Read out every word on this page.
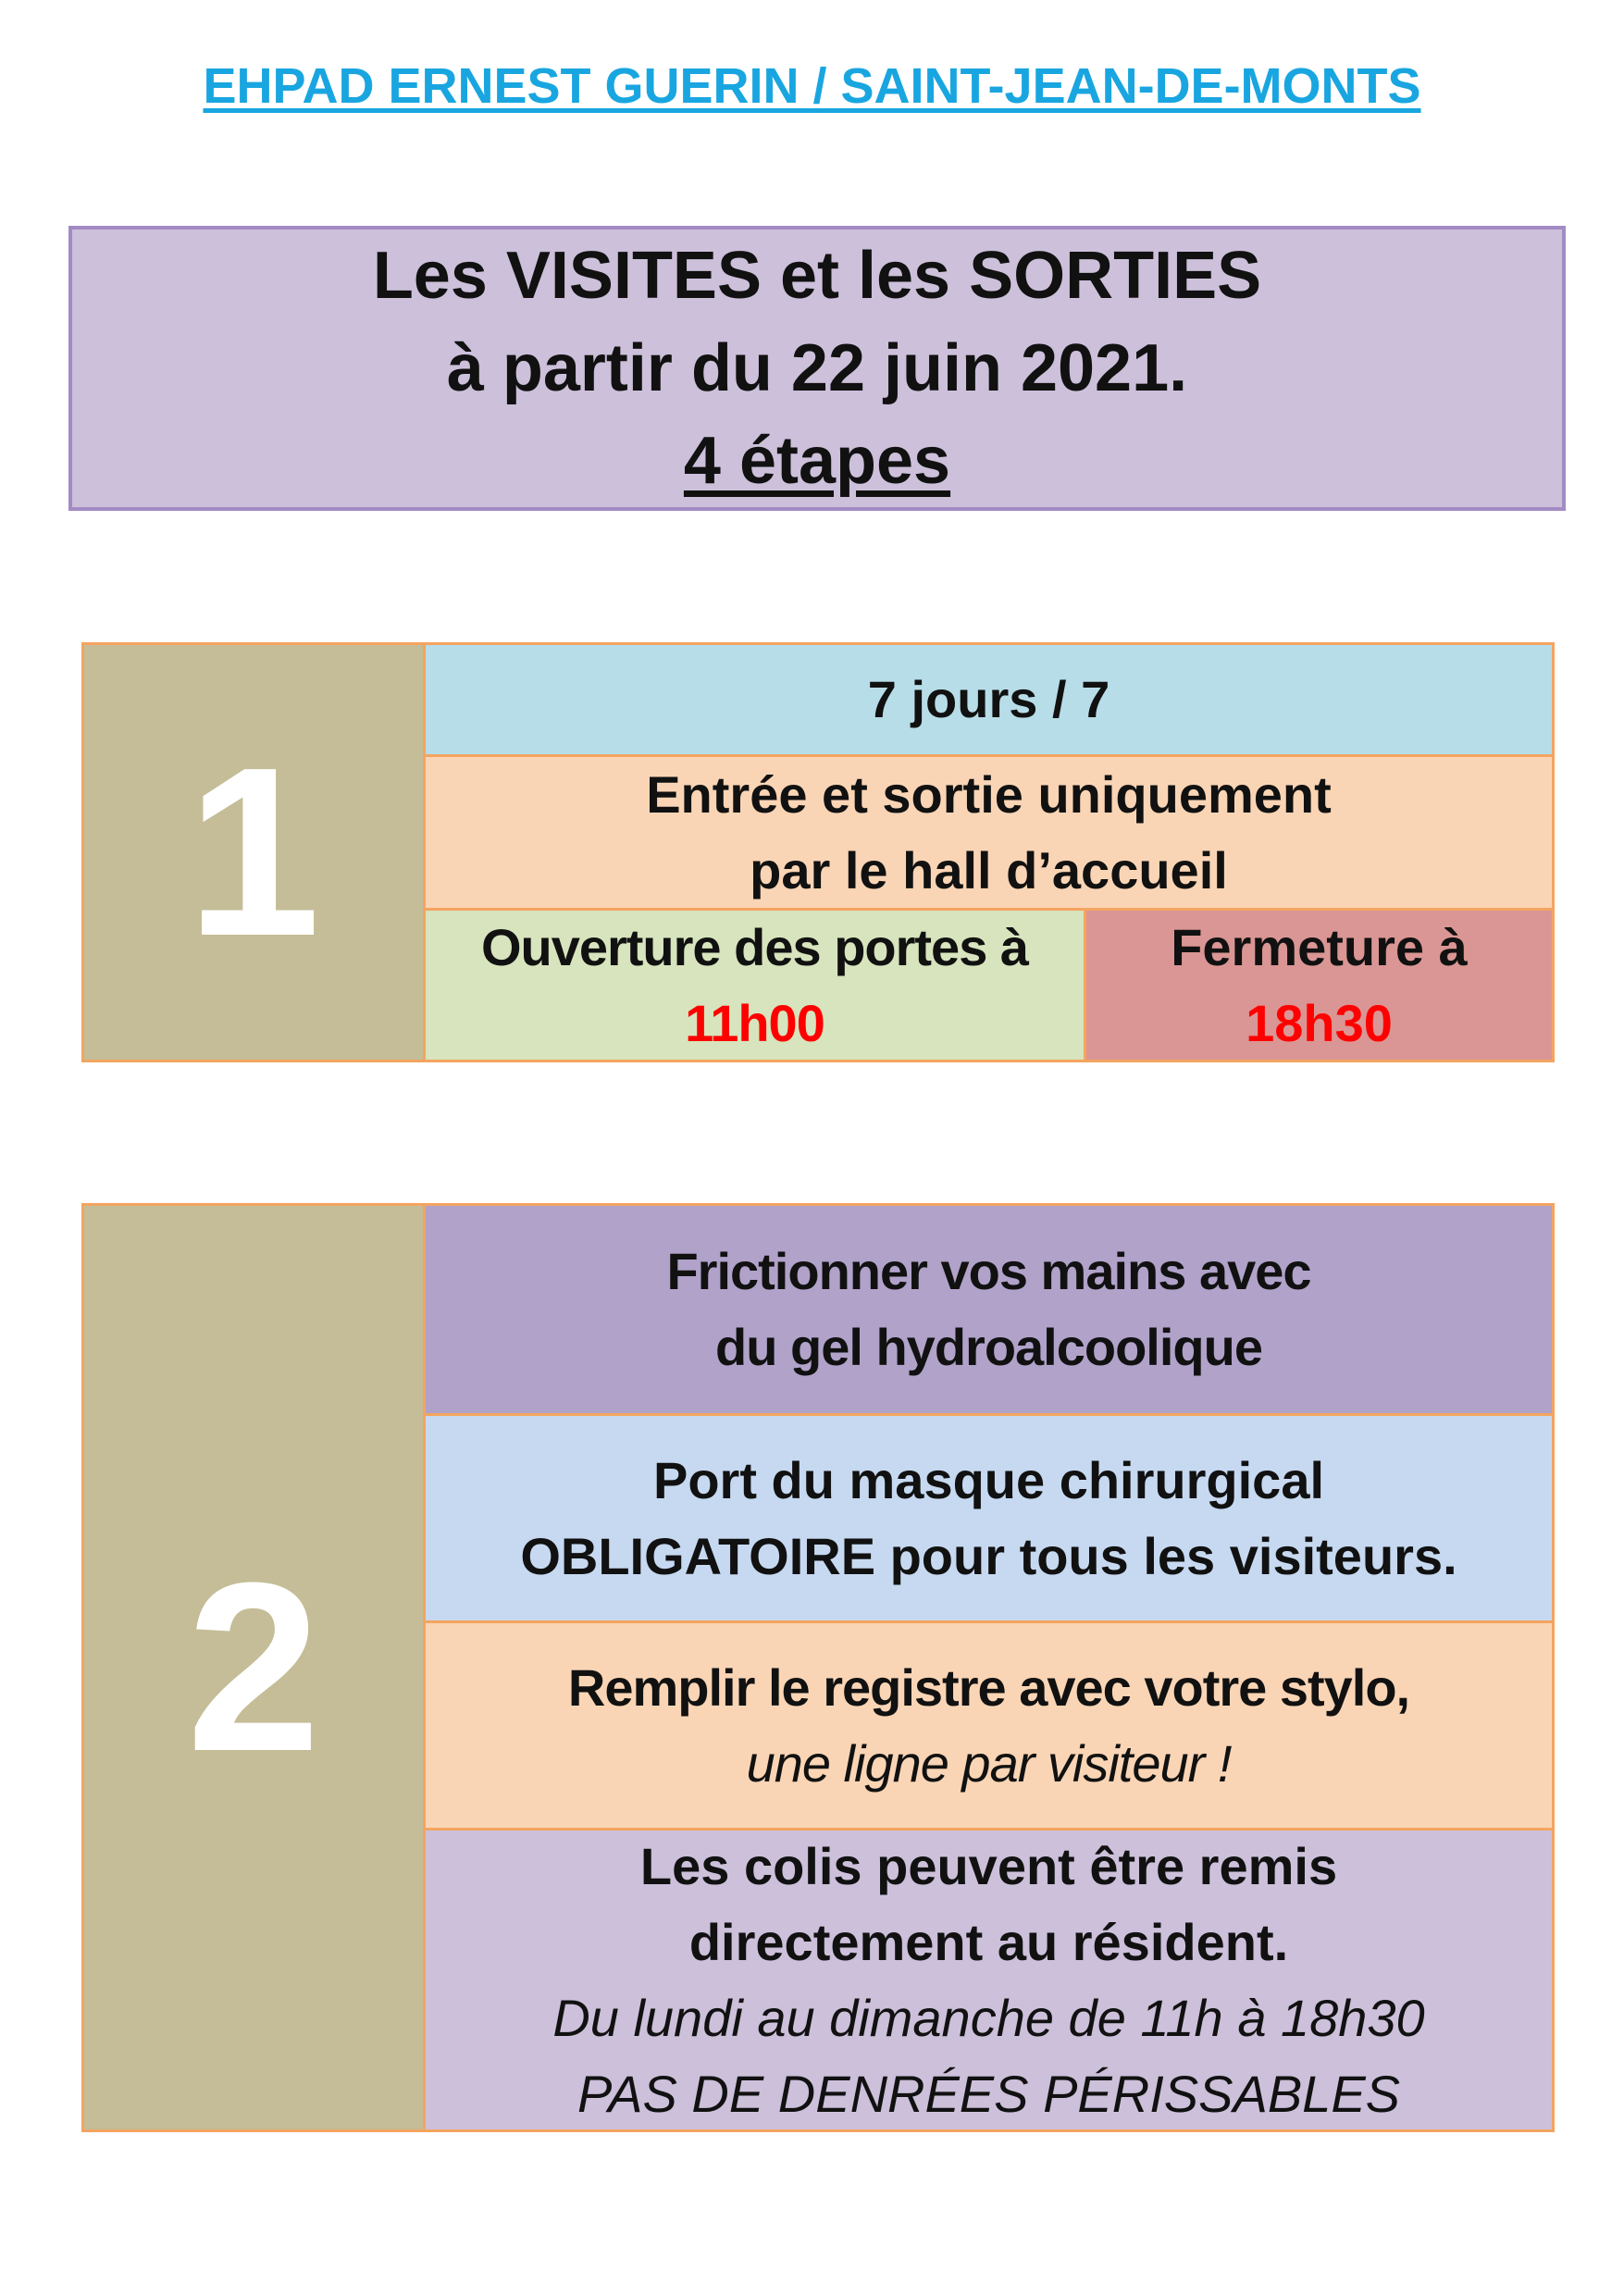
EHPAD ERNEST GUERIN / SAINT-JEAN-DE-MONTS
Les VISITES et les SORTIES
à partir du 22 juin 2021.
4 étapes
1
7 jours / 7
Entrée et sortie uniquement
par le hall d’accueil
Ouverture des portes à
11h00
Fermeture à
18h30
2
Frictionner vos mains avec
du gel hydroalcoolique
Port du masque chirurgical
OBLIGATOIRE pour tous les visiteurs.
Remplir le registre avec votre stylo,
une ligne par visiteur !
Les colis peuvent être remis
directement au résident.
Du lundi au dimanche de 11h à 18h30
PAS DE DENRÉES PÉRISSABLES
